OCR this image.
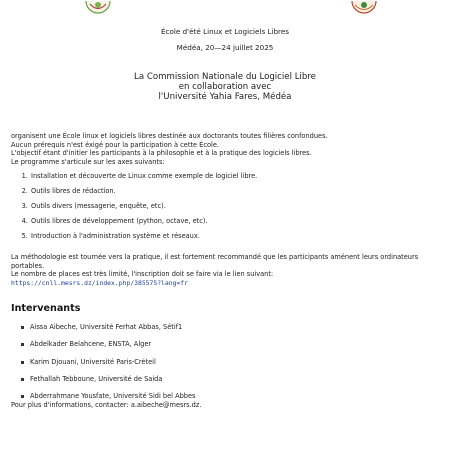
École d'été Linux et Logiciels Libres
Médéa, 20—24 juillet 2025
La Commission Nationale du Logiciel Libre
en collaboration avec
l'Université Yahia Fares, Médéa

organisent une École linux et logiciels libres destinée aux doctorants toutes filières confondues.

Aucun prérequis n'est éxigé pour la participation à cette École.

L'objectif étant d'initier les participants à la philosophie et à la pratique des logiciels libres.

Le programme s'articule sur les axes suivants:

1. Installation et découverte de Linux comme exemple de logiciel libre.
2. Outils libres de rédaction.
3. Outils divers (messagerie, enquête, etc).
4. Outils libres de développement (python, octave, etc).
5. Introduction à l'administration système et réseaux.

La méthodologie est tournée vers la pratique, il est fortement recommandé que les participants aménent leurs ordinateurs portables.

Le nombre de places est très limité, l'inscription doit se faire via le lien suivant:

https://cnll.mesrs.dz/index.php/385575?lang=fr

Intervenants
Aissa Aibeche, Université Ferhat Abbas, Sétif1
Abdelkader Belahcene, ENSTA, Alger
Karim Djouani, Université Paris-Créteil
Fethallah Tebboune, Université de Saida
Abderrahmane Yousfate, Université Sidi bel Abbes
Pour plus d'informations, contacter: a.aibeche@mesrs.dz.
